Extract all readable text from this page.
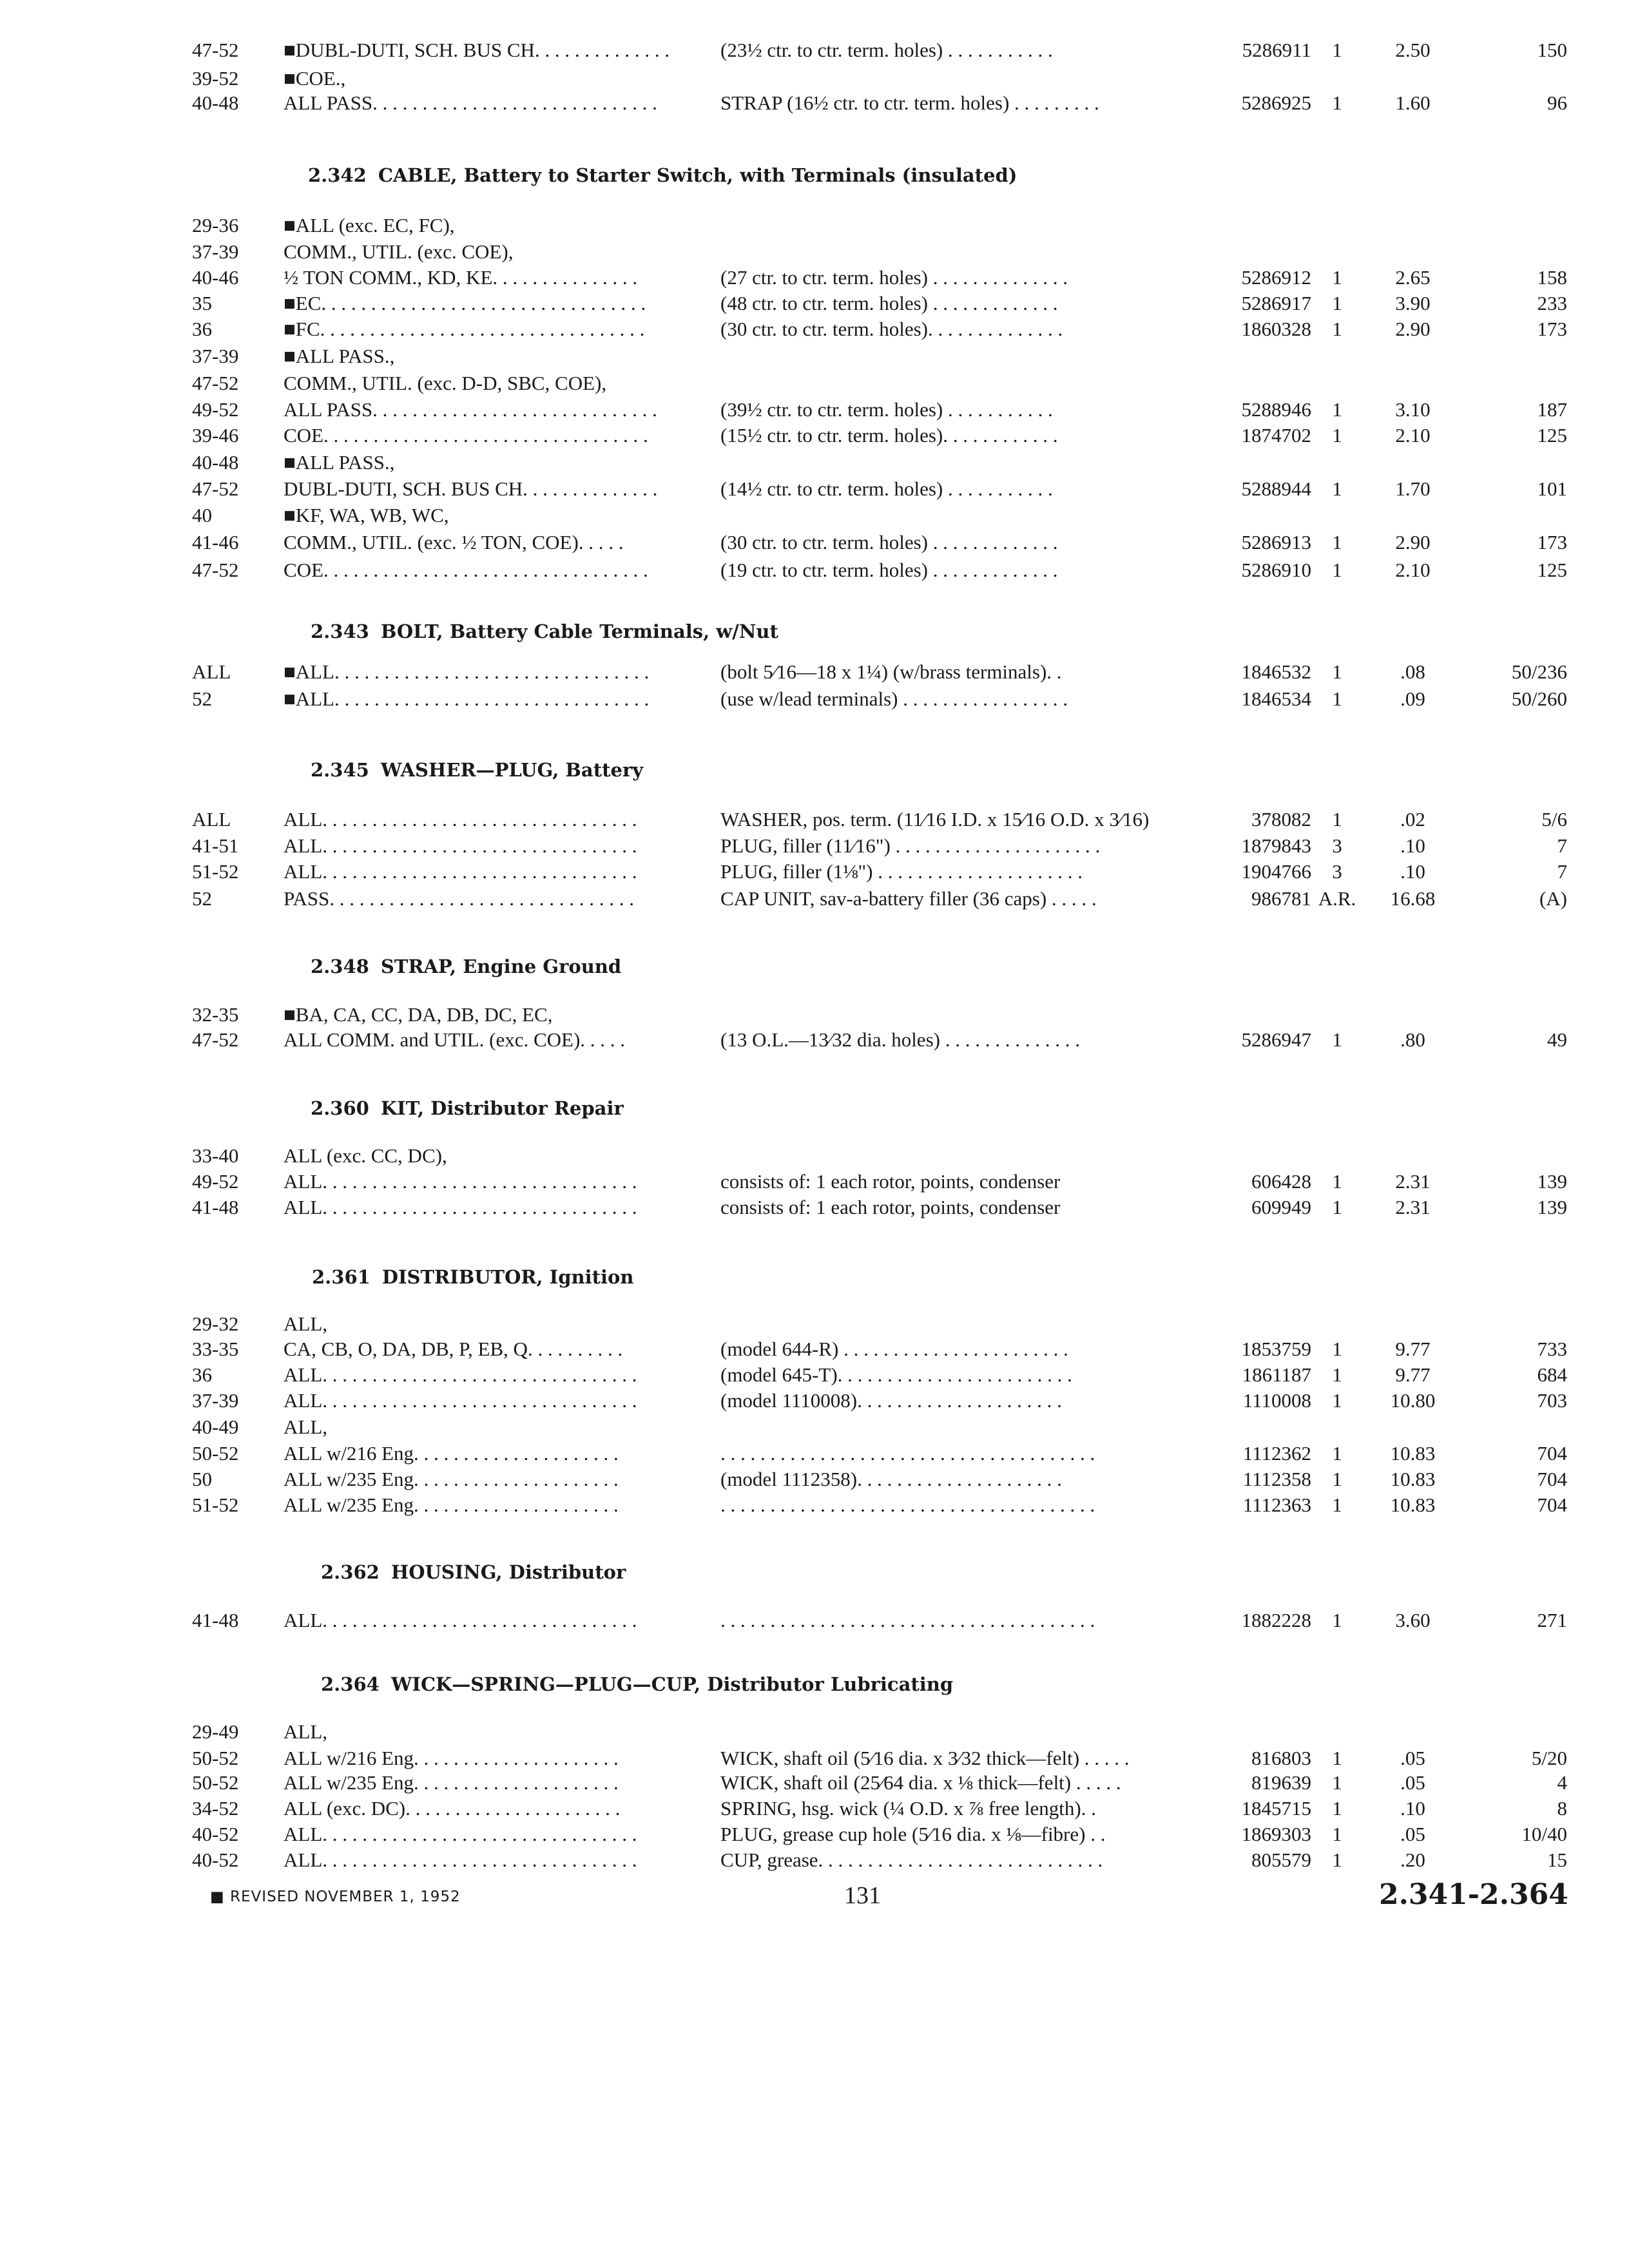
47-52	■DUBL-DUTI, SCH. BUS CH. . . . . . . . . . . . . .	(23½ ctr. to ctr. term. holes) . . . . . . . . . . .	5286911	1	2.50	150
39-52	■COE.,
40-48	ALL PASS. . . . . . . . . . . . . . . . . . . . . . . . . . . . .	STRAP (16½ ctr. to ctr. term. holes) . . . . . . . . .	5286925	1	1.60	96
2.342 CABLE, Battery to Starter Switch, with Terminals (insulated)
29-36	■ALL (exc. EC, FC),
37-39	COMM., UTIL. (exc. COE),
40-46	½ TON COMM., KD, KE. . . . . . . . . . . . . . .	(27 ctr. to ctr. term. holes) . . . . . . . . . . . . . .	5286912	1	2.65	158
35	■EC. . . . . . . . . . . . . . . . . . . . . . . . . . . . . . . . .	(48 ctr. to ctr. term. holes) . . . . . . . . . . . . .	5286917	1	3.90	233
36	■FC. . . . . . . . . . . . . . . . . . . . . . . . . . . . . . . . .	(30 ctr. to ctr. term. holes). . . . . . . . . . . . . .	1860328	1	2.90	173
37-39	■ALL PASS.,
47-52	COMM., UTIL. (exc. D-D, SBC, COE),
49-52	ALL PASS. . . . . . . . . . . . . . . . . . . . . . . . . . . . .	(39½ ctr. to ctr. term. holes) . . . . . . . . . . .	5288946	1	3.10	187
39-46	COE. . . . . . . . . . . . . . . . . . . . . . . . . . . . . . . . .	(15½ ctr. to ctr. term. holes). . . . . . . . . . . .	1874702	1	2.10	125
40-48	■ALL PASS.,
47-52	DUBL-DUTI, SCH. BUS CH. . . . . . . . . . . . . .	(14½ ctr. to ctr. term. holes) . . . . . . . . . . .	5288944	1	1.70	101
40	■KF, WA, WB, WC,
41-46	COMM., UTIL. (exc. ½ TON, COE). . . . .	(30 ctr. to ctr. term. holes) . . . . . . . . . . . . .	5286913	1	2.90	173
47-52	COE. . . . . . . . . . . . . . . . . . . . . . . . . . . . . . . . .	(19 ctr. to ctr. term. holes) . . . . . . . . . . . . .	5286910	1	2.10	125
2.343 BOLT, Battery Cable Terminals, w/Nut
ALL	■ALL. . . . . . . . . . . . . . . . . . . . . . . . . . . . . . . .	(bolt 5⁄16—18 x 1¼) (w/brass terminals). .	1846532	1	.08	50/236
52	■ALL. . . . . . . . . . . . . . . . . . . . . . . . . . . . . . . .	(use w/lead terminals) . . . . . . . . . . . . . . . . .	1846534	1	.09	50/260
2.345 WASHER—PLUG, Battery
ALL	ALL. . . . . . . . . . . . . . . . . . . . . . . . . . . . . . . .	WASHER, pos. term. (11⁄16 I.D. x 15⁄16 O.D. x 3⁄16)	378082	1	.02	5/6
41-51	ALL. . . . . . . . . . . . . . . . . . . . . . . . . . . . . . . .	PLUG, filler (11⁄16") . . . . . . . . . . . . . . . . . . . . .	1879843	3	.10	7
51-52	ALL. . . . . . . . . . . . . . . . . . . . . . . . . . . . . . . .	PLUG, filler (1⅛") . . . . . . . . . . . . . . . . . . . . .	1904766	3	.10	7
52	PASS. . . . . . . . . . . . . . . . . . . . . . . . . . . . . . .	CAP UNIT, sav-a-battery filler (36 caps) . . . . .	986781 A.R.	16.68	(A)
2.348 STRAP, Engine Ground
32-35	■BA, CA, CC, DA, DB, DC, EC,
47-52	ALL COMM. and UTIL. (exc. COE). . . . .	(13 O.L.—13⁄32 dia. holes) . . . . . . . . . . . . . .	5286947	1	.80	49
2.360 KIT, Distributor Repair
33-40	ALL (exc. CC, DC),
49-52	ALL. . . . . . . . . . . . . . . . . . . . . . . . . . . . . . . .	consists of: 1 each rotor, points, condenser	606428	1	2.31	139
41-48	ALL. . . . . . . . . . . . . . . . . . . . . . . . . . . . . . . .	consists of: 1 each rotor, points, condenser	609949	1	2.31	139
2.361 DISTRIBUTOR, Ignition
29-32	ALL,
33-35	CA, CB, O, DA, DB, P, EB, Q. . . . . . . . . .	(model 644-R) . . . . . . . . . . . . . . . . . . . . . . .	1853759	1	9.77	733
36	ALL. . . . . . . . . . . . . . . . . . . . . . . . . . . . . . . .	(model 645-T). . . . . . . . . . . . . . . . . . . . . . . .	1861187	1	9.77	684
37-39	ALL. . . . . . . . . . . . . . . . . . . . . . . . . . . . . . . .	(model 1110008). . . . . . . . . . . . . . . . . . . . .	1110008	1	10.80	703
40-49	ALL,
50-52	ALL w/216 Eng. . . . . . . . . . . . . . . . . . . . .	. . . . . . . . . . . . . . . . . . . . . . . . . . . . . . . . . . . . . .	1112362	1	10.83	704
50	ALL w/235 Eng. . . . . . . . . . . . . . . . . . . . .	(model 1112358). . . . . . . . . . . . . . . . . . . . .	1112358	1	10.83	704
51-52	ALL w/235 Eng. . . . . . . . . . . . . . . . . . . . .	. . . . . . . . . . . . . . . . . . . . . . . . . . . . . . . . . . . . . .	1112363	1	10.83	704
2.362 HOUSING, Distributor
41-48	ALL. . . . . . . . . . . . . . . . . . . . . . . . . . . . . . . .	. . . . . . . . . . . . . . . . . . . . . . . . . . . . . . . . . . . . . .	1882228	1	3.60	271
2.364 WICK—SPRING—PLUG—CUP, Distributor Lubricating
29-49	ALL,
50-52	ALL w/216 Eng. . . . . . . . . . . . . . . . . . . . .	WICK, shaft oil (5⁄16 dia. x 3⁄32 thick—felt) . . . . .	816803	1	.05	5/20
50-52	ALL w/235 Eng. . . . . . . . . . . . . . . . . . . . .	WICK, shaft oil (25⁄64 dia. x ⅛ thick—felt) . . . . .	819639	1	.05	4
34-52	ALL (exc. DC). . . . . . . . . . . . . . . . . . . . . .	SPRING, hsg. wick (¼ O.D. x ⅞ free length). .	1845715	1	.10	8
40-52	ALL. . . . . . . . . . . . . . . . . . . . . . . . . . . . . . . .	PLUG, grease cup hole (5⁄16 dia. x ⅛—fibre) . .	1869303	1	.05	10/40
40-52	ALL. . . . . . . . . . . . . . . . . . . . . . . . . . . . . . . .	CUP, grease. . . . . . . . . . . . . . . . . . . . . . . . . . . . .	805579	1	.20	15
■ REVISED NOVEMBER 1, 1952	131	2.341-2.364
